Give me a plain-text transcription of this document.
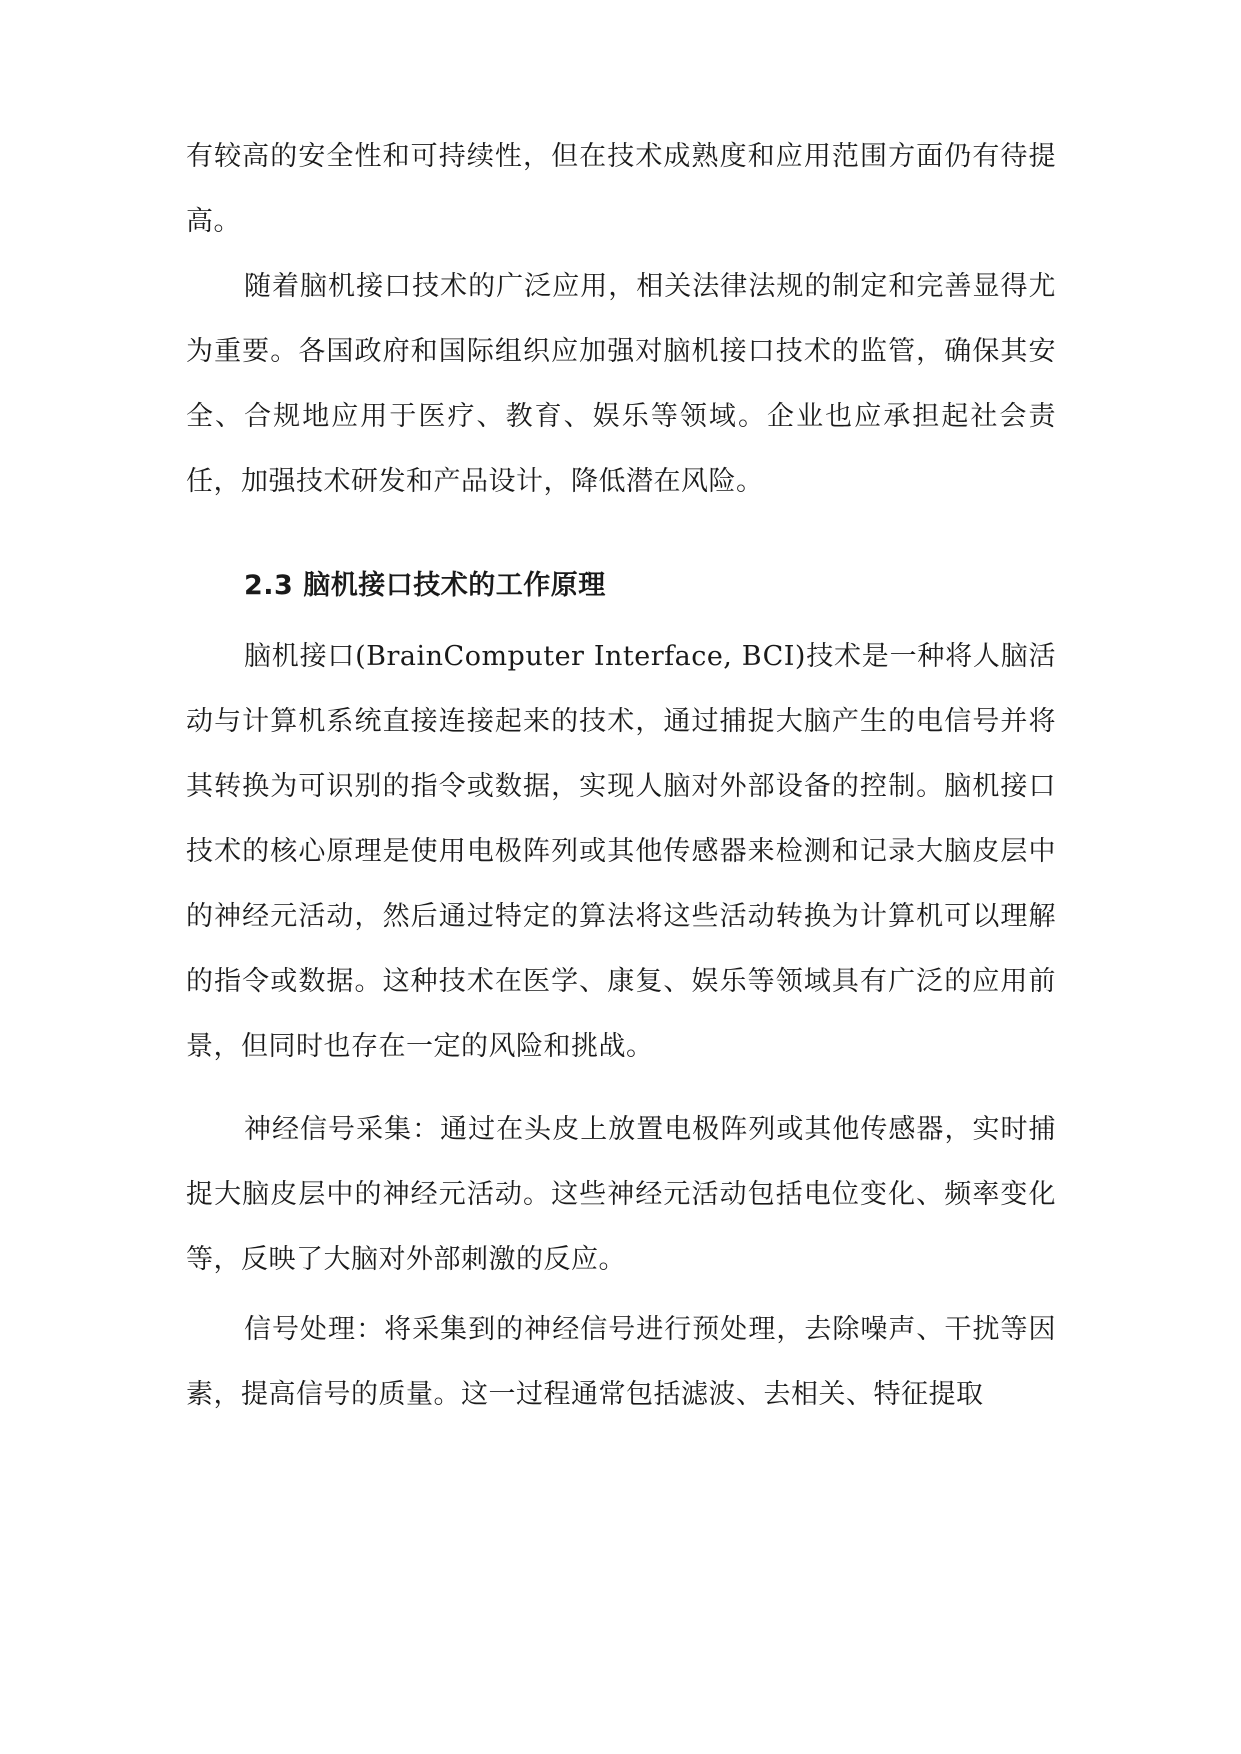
有较高的安全性和可持续性，但在技术成熟度和应用范围方面仍有待提高。

随着脑机接口技术的广泛应用，相关法律法规的制定和完善显得尤为重要。各国政府和国际组织应加强对脑机接口技术的监管，确保其安全、合规地应用于医疗、教育、娱乐等领域。企业也应承担起社会责任，加强技术研发和产品设计，降低潜在风险。

2.3 脑机接口技术的工作原理

脑机接口(BrainComputer Interface, BCI)技术是一种将人脑活动与计算机系统直接连接起来的技术，通过捕捉大脑产生的电信号并将其转换为可识别的指令或数据，实现人脑对外部设备的控制。脑机接口技术的核心原理是使用电极阵列或其他传感器来检测和记录大脑皮层中的神经元活动，然后通过特定的算法将这些活动转换为计算机可以理解的指令或数据。这种技术在医学、康复、娱乐等领域具有广泛的应用前景，但同时也存在一定的风险和挑战。

神经信号采集：通过在头皮上放置电极阵列或其他传感器，实时捕捉大脑皮层中的神经元活动。这些神经元活动包括电位变化、频率变化等，反映了大脑对外部刺激的反应。

信号处理：将采集到的神经信号进行预处理，去除噪声、干扰等因素，提高信号的质量。这一过程通常包括滤波、去相关、特征提取
